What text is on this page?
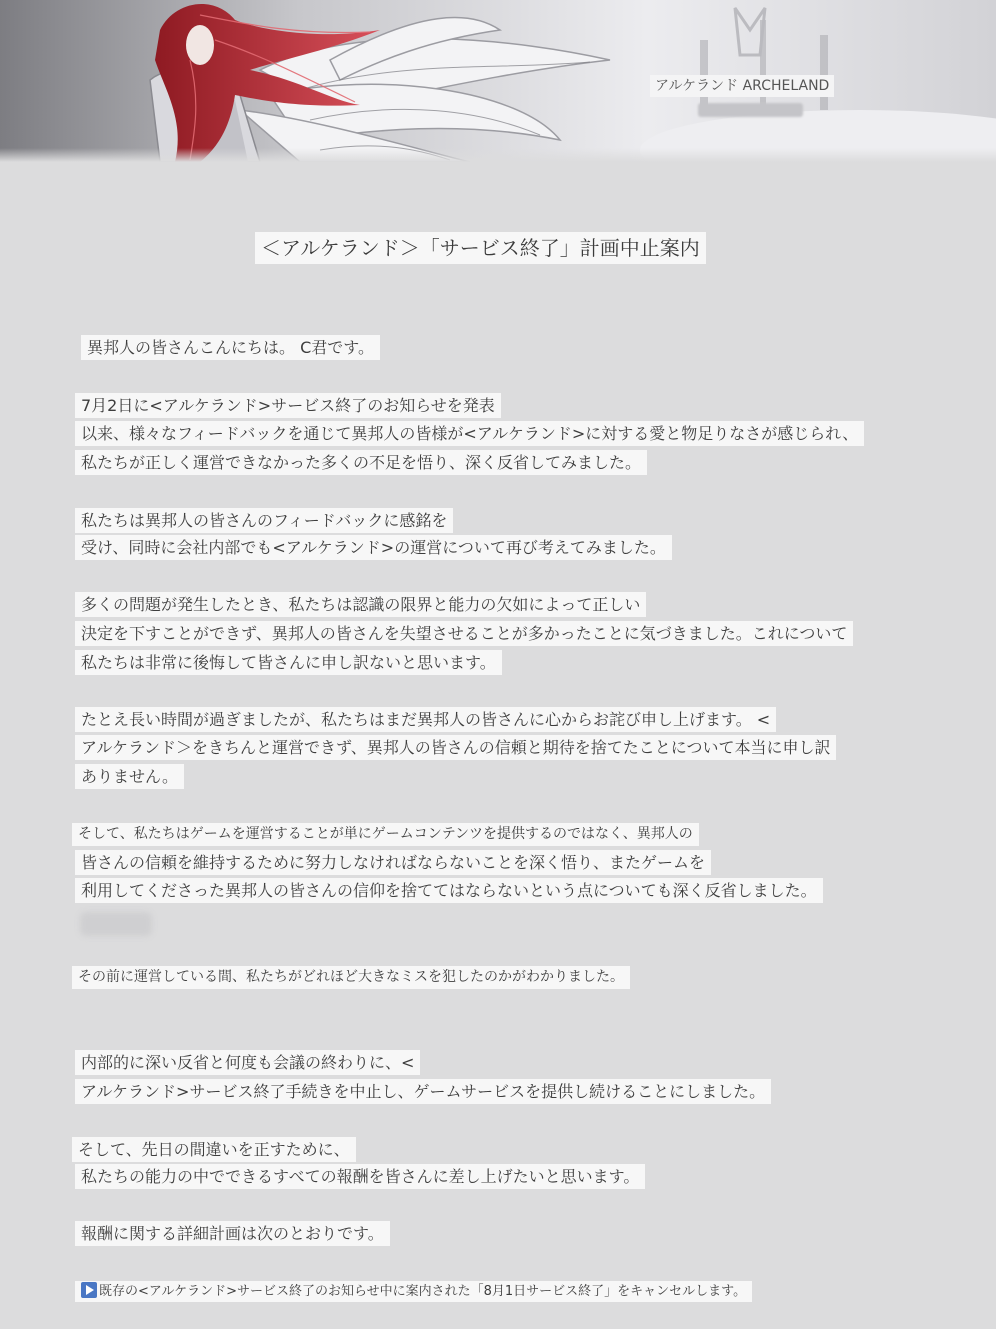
アルケランド ARCHELAND
＜アルケランド＞「サービス終了」計画中止案内
異邦人の皆さんこんにちは。 C君です。
7月2日に<アルケランド>サービス終了のお知らせを発表
以来、様々なフィードバックを通じて異邦人の皆様が<アルケランド>に対する愛と物足りなさが感じられ、
私たちが正しく運営できなかった多くの不足を悟り、深く反省してみました。
私たちは異邦人の皆さんのフィードバックに感銘を
受け、同時に会社内部でも<アルケランド>の運営について再び考えてみました。
多くの問題が発生したとき、私たちは認識の限界と能力の欠如によって正しい
決定を下すことができず、異邦人の皆さんを失望させることが多かったことに気づきました。これについて
私たちは非常に後悔して皆さんに申し訳ないと思います。
たとえ長い時間が過ぎましたが、私たちはまだ異邦人の皆さんに心からお詫び申し上げます。 <
アルケランド＞をきちんと運営できず、異邦人の皆さんの信頼と期待を捨てたことについて本当に申し訳
ありません。
そして、私たちはゲームを運営することが単にゲームコンテンツを提供するのではなく、異邦人の
皆さんの信頼を維持するために努力しなければならないことを深く悟り、またゲームを
利用してくださった異邦人の皆さんの信仰を捨ててはならないという点についても深く反省しました。
その前に運営している間、私たちがどれほど大きなミスを犯したのかがわかりました。
内部的に深い反省と何度も会議の終わりに、<
アルケランド>サービス終了手続きを中止し、ゲームサービスを提供し続けることにしました。
そして、先日の間違いを正すために、
私たちの能力の中でできるすべての報酬を皆さんに差し上げたいと思います。
報酬に関する詳細計画は次のとおりです。
既存の<アルケランド>サービス終了のお知らせ中に案内された「8月1日サービス終了」をキャンセルします。
